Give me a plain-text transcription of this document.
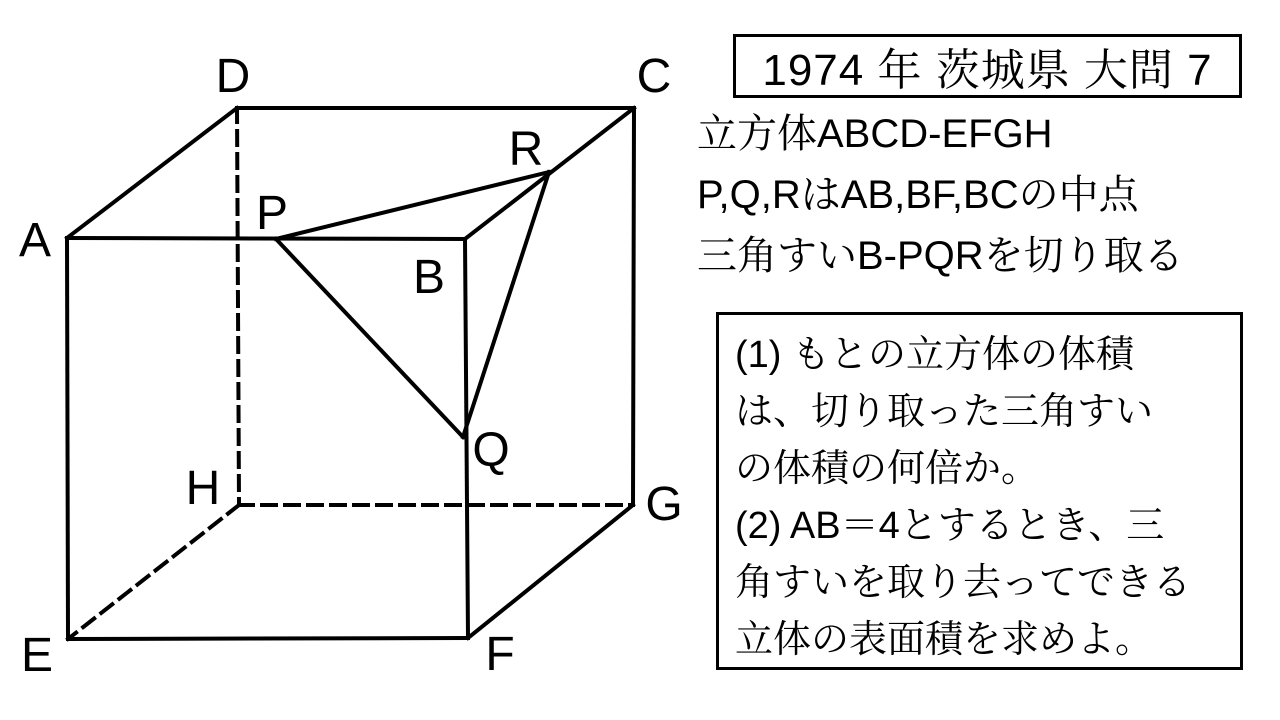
A
B
C
D
E	F
G
H
P
Q
R
1974 年 茨城県 大問 7
立方体ABCD-EFGH
P,Q,RはAB,BF,BCの中点
三角すいB-PQRを切り取る
(1) もとの立方体の体積
は、切り取った三角すい
の体積の何倍か。
(2) AB＝4とするとき、三
角すいを取り去ってできる
立体の表面積を求めよ。
